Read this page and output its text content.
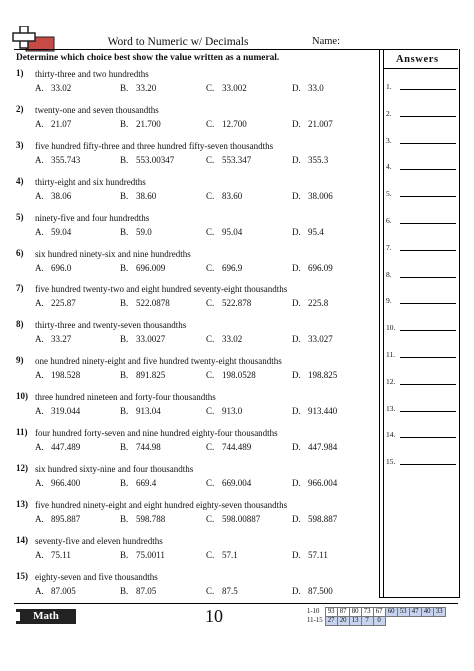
Word to Numeric w/ Decimals	Name:
Determine which choice best show the value written as a numeral.	Answers
1.
2.
3.
4.
5.
6.
7.
8.
9.
10.
11.
12.
13.
14.
15.
1) thirty-three and two hundredths
A. 33.02	B. 33.20	C. 33.002	D. 33.0
2) twenty-one and seven thousandths
A. 21.07	B. 21.700	C. 12.700	D. 21.007
3) five hundred fifty-three and three hundred fifty-seven thousandths
A. 355.743	B. 553.00347	C. 553.347	D. 355.3
4) thirty-eight and six hundredths
A. 38.06	B. 38.60	C. 83.60	D. 38.006
5) ninety-five and four hundredths
A. 59.04	B. 59.0	C. 95.04	D. 95.4
6) six hundred ninety-six and nine hundredths
A. 696.0	B. 696.009	C. 696.9	D. 696.09
7) five hundred twenty-two and eight hundred seventy-eight thousandths
A. 225.87	B. 522.0878	C. 522.878	D. 225.8
8) thirty-three and twenty-seven thousandths
A. 33.27	B. 33.0027	C. 33.02	D. 33.027
9) one hundred ninety-eight and five hundred twenty-eight thousandths
A. 198.528	B. 891.825	C. 198.0528	D. 198.825
10) three hundred nineteen and forty-four thousandths
A. 319.044	B. 913.04	C. 913.0	D. 913.440
11) four hundred forty-seven and nine hundred eighty-four thousandths
A. 447.489	B. 744.98	C. 744.489	D. 447.984
12) six hundred sixty-nine and four thousandths
A. 966.400	B. 669.4	C. 669.004	D. 966.004
13) five hundred ninety-eight and eight hundred eighty-seven thousandths
A. 895.887	B. 598.788	C. 598.00887	D. 598.887
14) seventy-five and eleven hundredths
A. 75.11	B. 75.0011	C. 57.1	D. 57.11
15) eighty-seven and five thousandths
A. 87.005	B. 87.05	C. 87.5	D. 87.500
Math	10	1-10	93	87	80	73	67	60	53	47	40	33
11-15	27	20	13	7	0					
